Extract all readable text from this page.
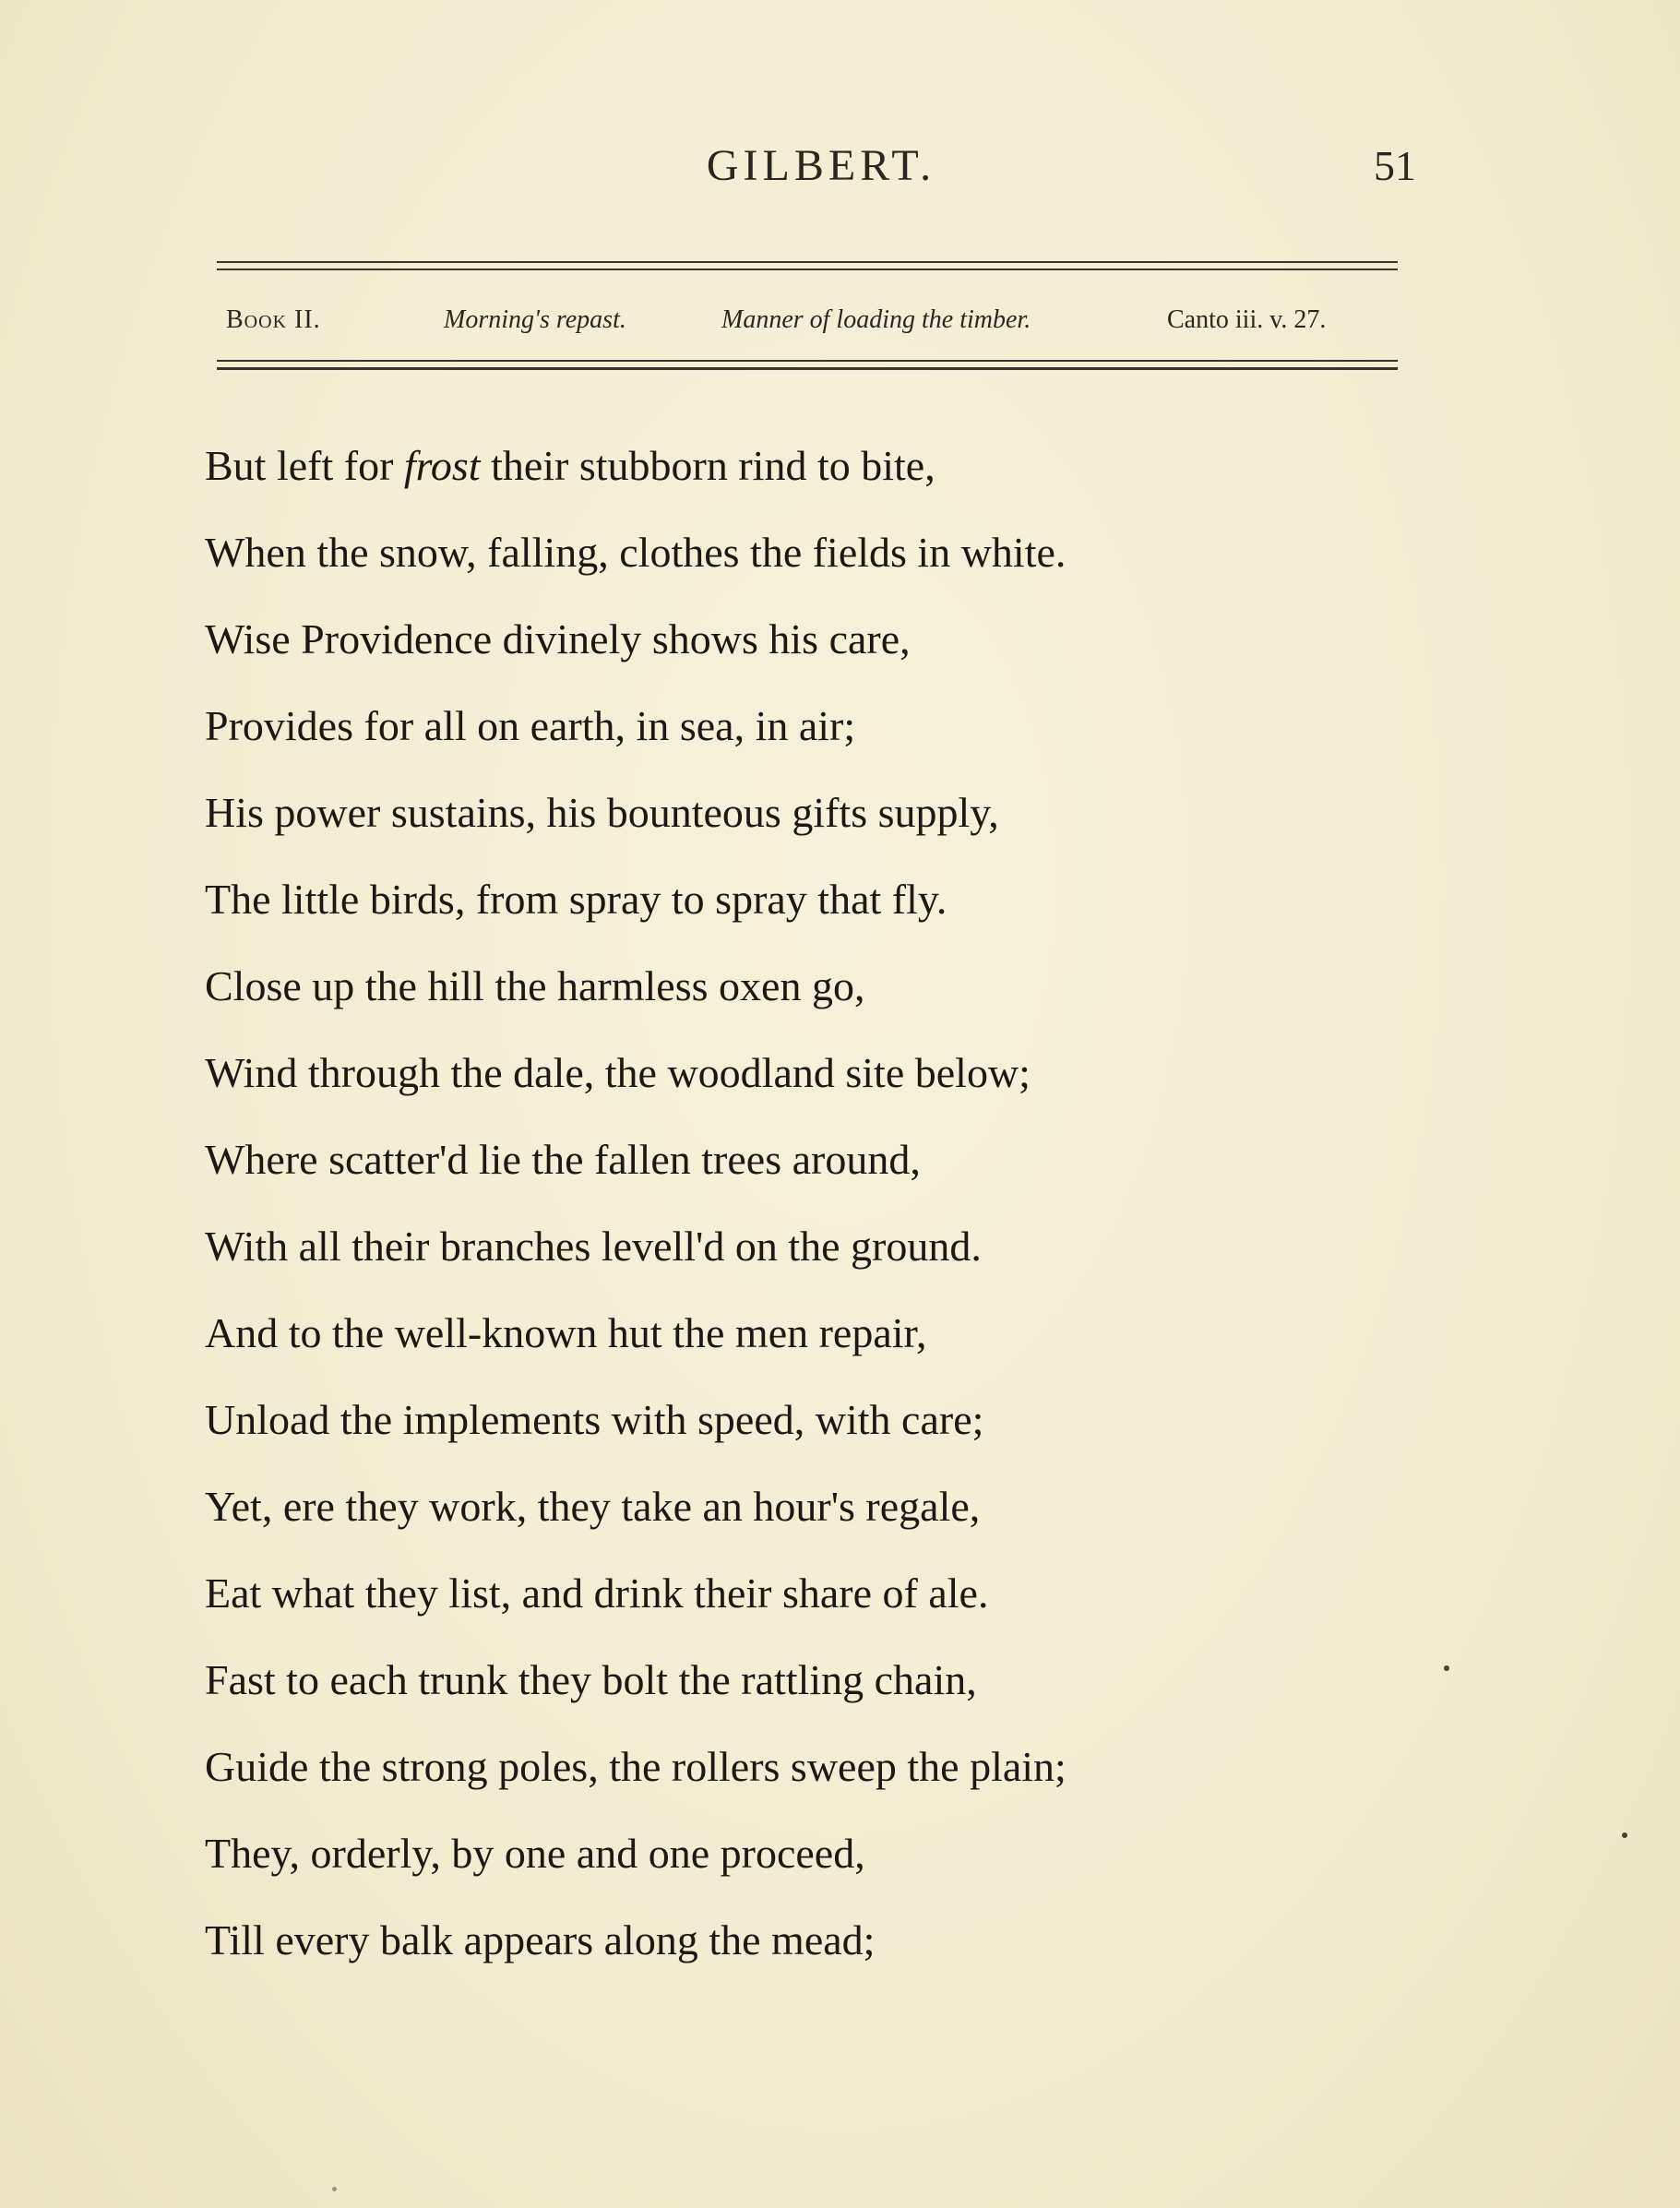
GILBERT.	51
Book II.	Morning's repast.	Manner of loading the timber.	Canto iii. v. 27.
But left for frost their stubborn rind to bite,
When the snow, falling, clothes the fields in white.
Wise Providence divinely shows his care,
Provides for all on earth, in sea, in air;
His power sustains, his bounteous gifts supply,
The little birds, from spray to spray that fly.
Close up the hill the harmless oxen go,
Wind through the dale, the woodland site below;
Where scatter'd lie the fallen trees around,
With all their branches levell'd on the ground.
And to the well-known hut the men repair,
Unload the implements with speed, with care;
Yet, ere they work, they take an hour's regale,
Eat what they list, and drink their share of ale.
Fast to each trunk they bolt the rattling chain,
Guide the strong poles, the rollers sweep the plain;
They, orderly, by one and one proceed,
Till every balk appears along the mead;
